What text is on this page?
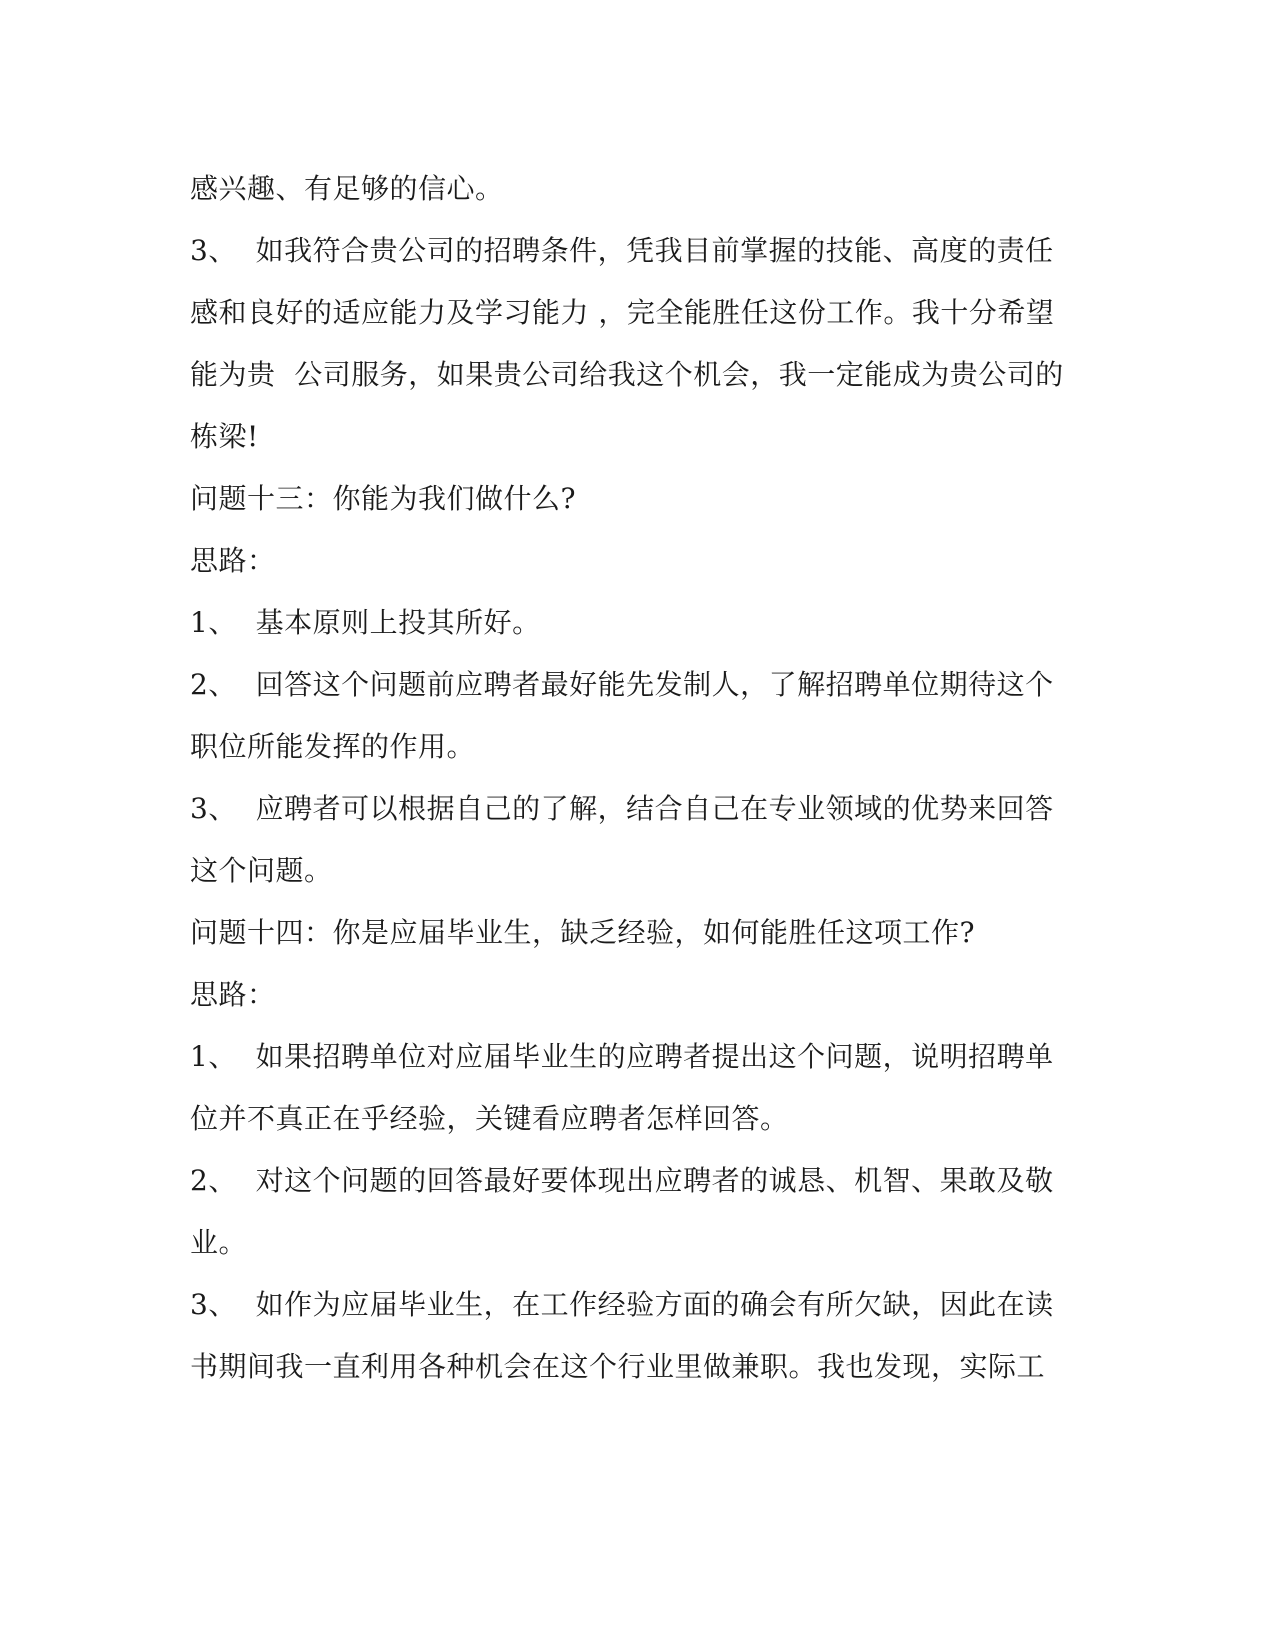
感兴趣、有足够的信心。

3、  如我符合贵公司的招聘条件，凭我目前掌握的技能、高度的责任

感和良好的适应能力及学习能力 ，完全能胜任这份工作。我十分希望

能为贵  公司服务，如果贵公司给我这个机会，我一定能成为贵公司的

栋梁!

问题十三：你能为我们做什么?

思路：

1、  基本原则上投其所好。

2、  回答这个问题前应聘者最好能先发制人，了解招聘单位期待这个

职位所能发挥的作用。

3、  应聘者可以根据自己的了解，结合自己在专业领域的优势来回答

这个问题。

问题十四：你是应届毕业生，缺乏经验，如何能胜任这项工作?

思路：

1、  如果招聘单位对应届毕业生的应聘者提出这个问题，说明招聘单

位并不真正在乎经验，关键看应聘者怎样回答。

2、  对这个问题的回答最好要体现出应聘者的诚恳、机智、果敢及敬

业。

3、  如作为应届毕业生，在工作经验方面的确会有所欠缺，因此在读

书期间我一直利用各种机会在这个行业里做兼职。我也发现，实际工
